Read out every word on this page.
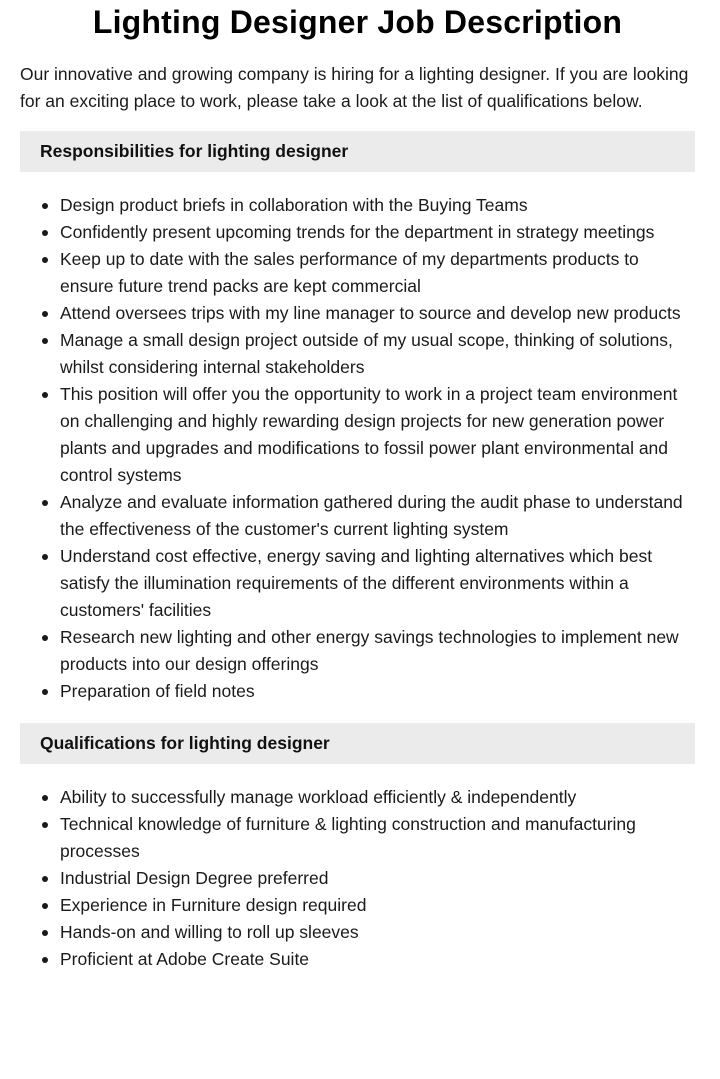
Lighting Designer Job Description

Our innovative and growing company is hiring for a lighting designer. If you are looking for an exciting place to work, please take a look at the list of qualifications below.

Responsibilities for lighting designer
Design product briefs in collaboration with the Buying Teams
Confidently present upcoming trends for the department in strategy meetings
Keep up to date with the sales performance of my departments products to ensure future trend packs are kept commercial
Attend oversees trips with my line manager to source and develop new products
Manage a small design project outside of my usual scope, thinking of solutions, whilst considering internal stakeholders
This position will offer you the opportunity to work in a project team environment on challenging and highly rewarding design projects for new generation power plants and upgrades and modifications to fossil power plant environmental and control systems
Analyze and evaluate information gathered during the audit phase to understand the effectiveness of the customer's current lighting system
Understand cost effective, energy saving and lighting alternatives which best satisfy the illumination requirements of the different environments within a customers' facilities
Research new lighting and other energy savings technologies to implement new products into our design offerings
Preparation of field notes
Qualifications for lighting designer
Ability to successfully manage workload efficiently & independently
Technical knowledge of furniture & lighting construction and manufacturing processes
Industrial Design Degree preferred
Experience in Furniture design required
Hands-on and willing to roll up sleeves
Proficient at Adobe Create Suite
